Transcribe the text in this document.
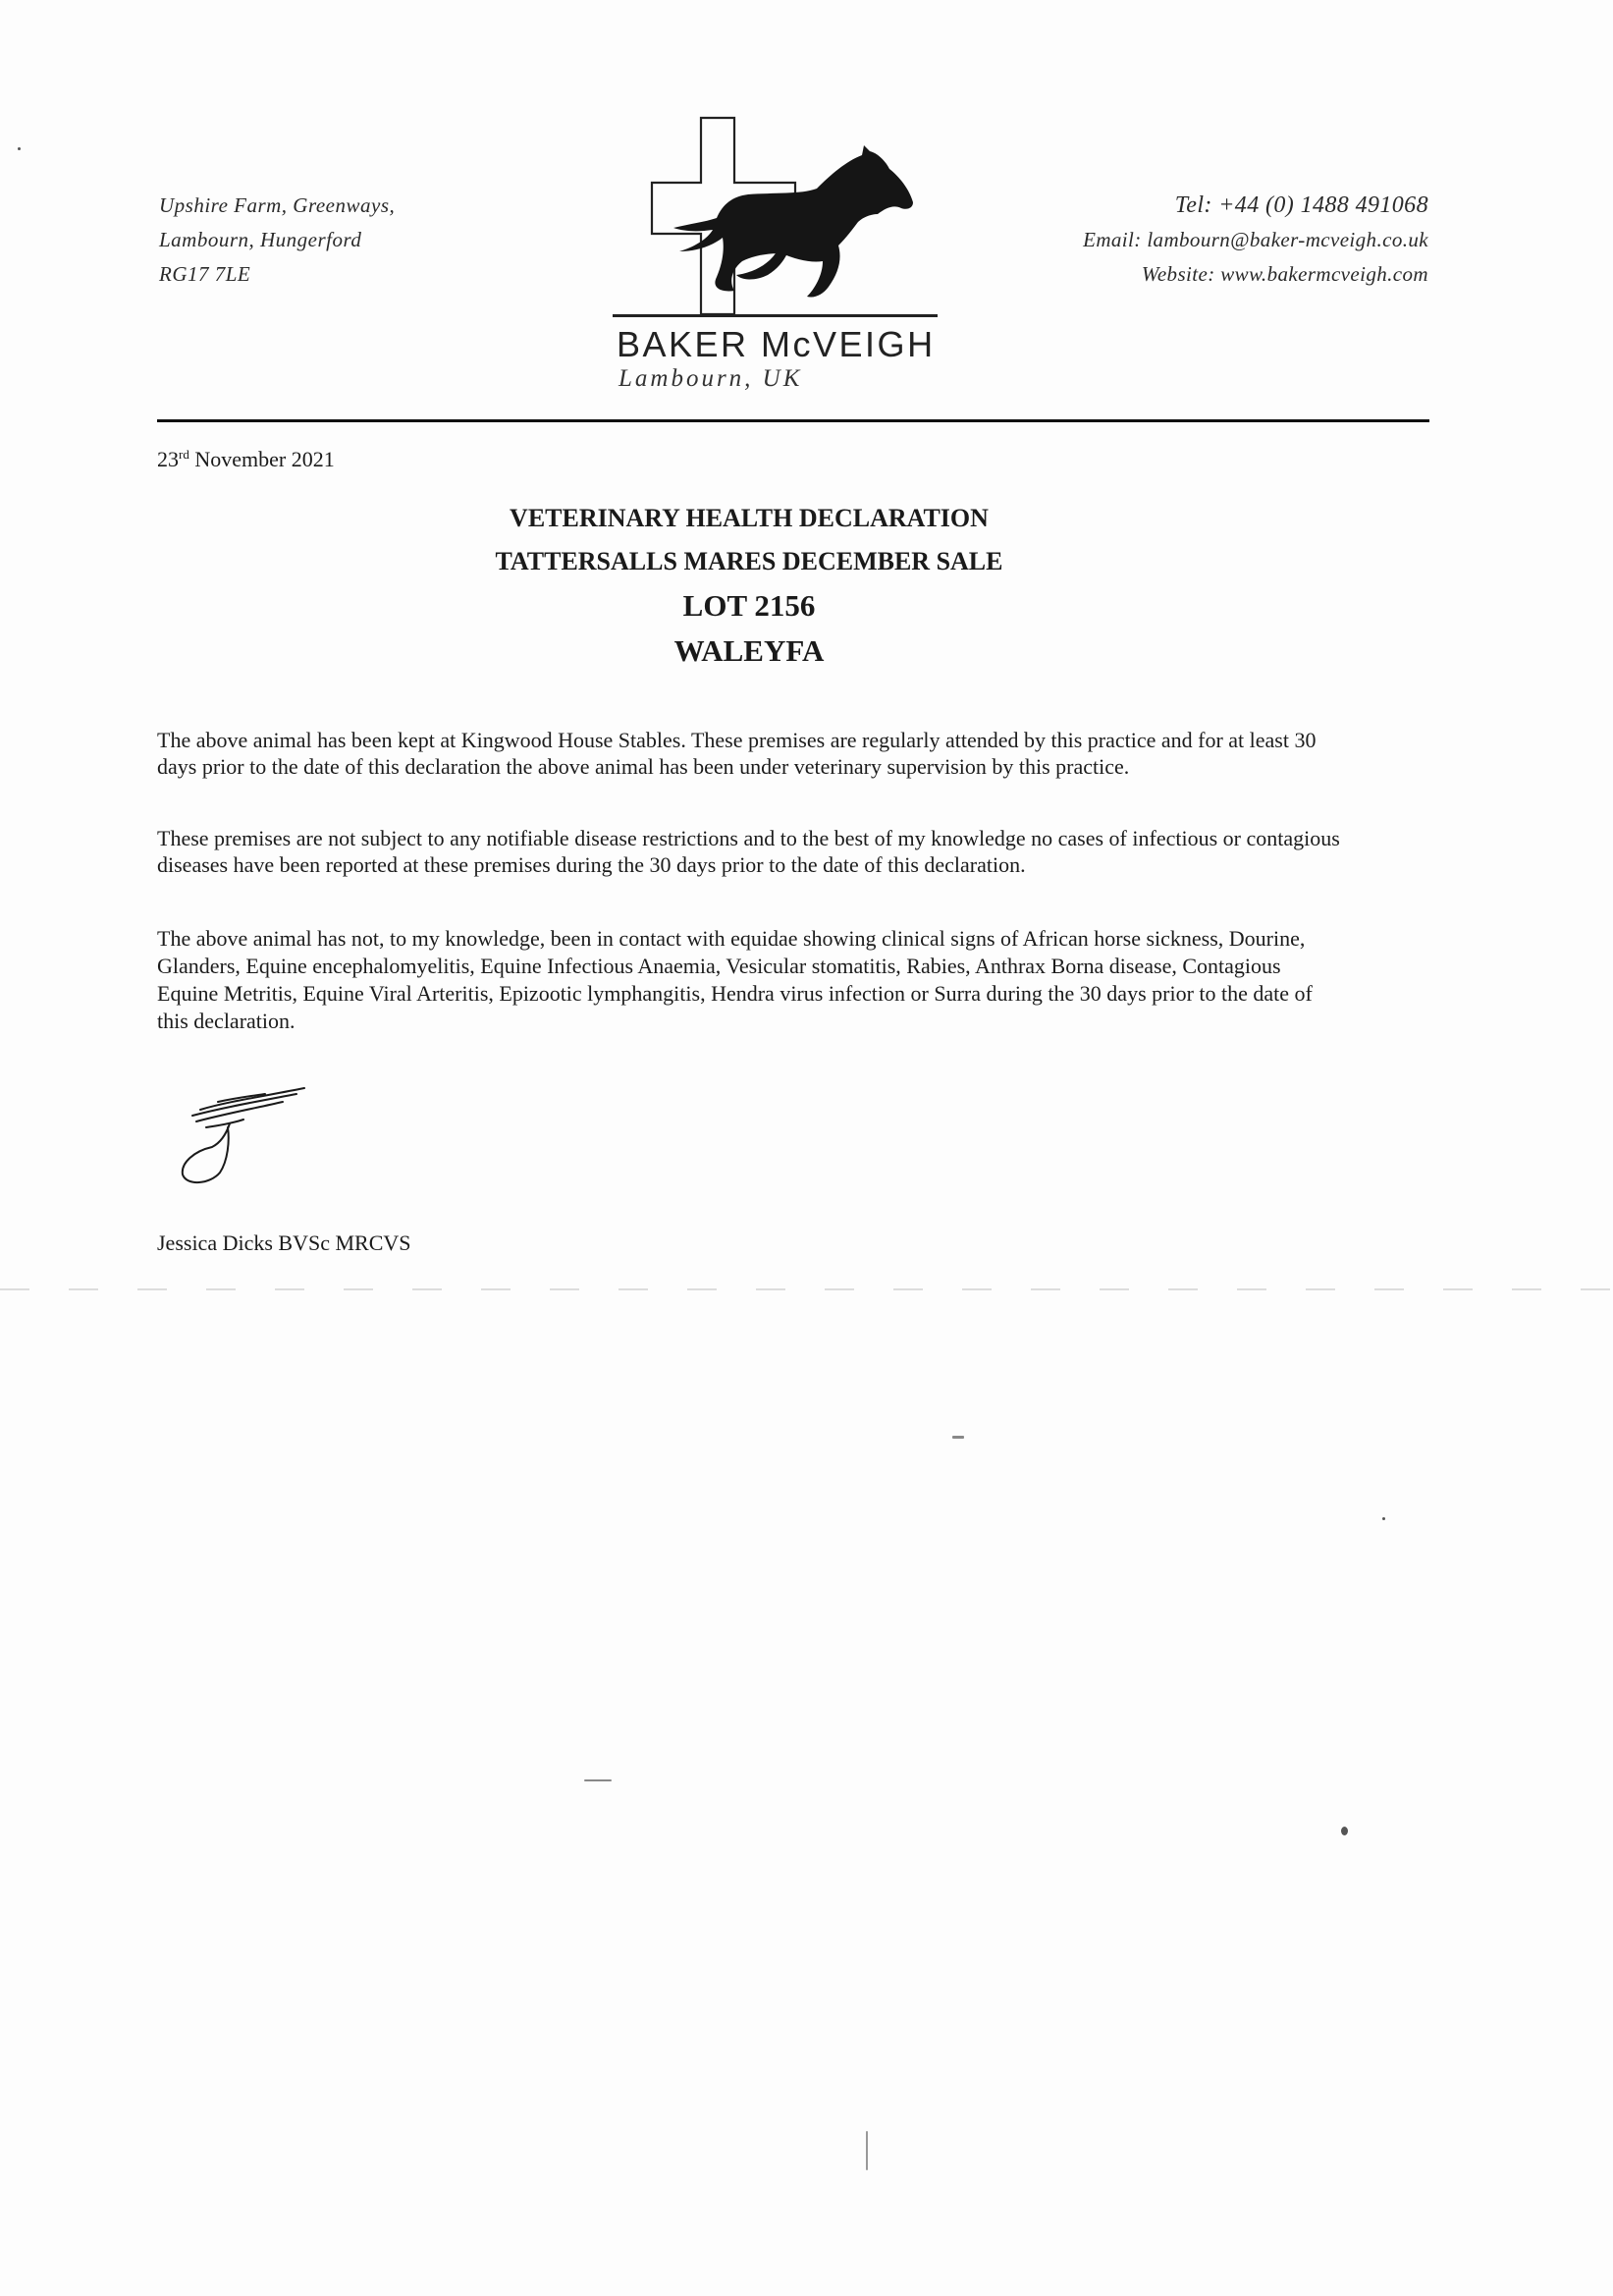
Upshire Farm, Greenways,
Lambourn, Hungerford
RG17 7LE
BAKER McVEIGH
Lambourn, UK
Tel: +44 (0) 1488 491068
Email: lambourn@baker-mcveigh.co.uk
Website: www.bakermcveigh.com
23rd November 2021
VETERINARY HEALTH DECLARATION
TATTERSALLS MARES DECEMBER SALE
LOT 2156
WALEYFA
The above animal has been kept at Kingwood House Stables. These premises are regularly attended by this practice and for at least 30 days prior to the date of this declaration the above animal has been under veterinary supervision by this practice.
These premises are not subject to any notifiable disease restrictions and to the best of my knowledge no cases of infectious or contagious diseases have been reported at these premises during the 30 days prior to the date of this declaration.
The above animal has not, to my knowledge, been in contact with equidae showing clinical signs of African horse sickness, Dourine, Glanders, Equine encephalomyelitis, Equine Infectious Anaemia, Vesicular stomatitis, Rabies, Anthrax Borna disease, Contagious Equine Metritis, Equine Viral Arteritis, Epizootic lymphangitis, Hendra virus infection or Surra during the 30 days prior to the date of this declaration.
Jessica Dicks BVSc MRCVS
